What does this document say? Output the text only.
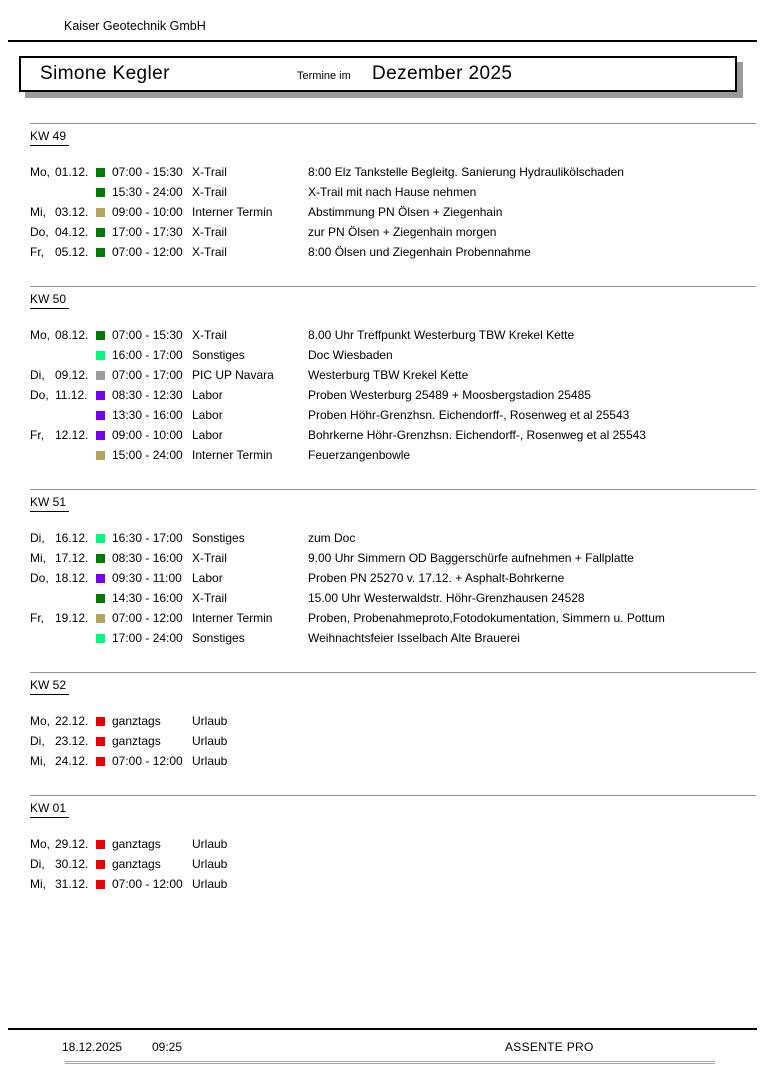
Kaiser Geotechnik GmbH
Simone Kegler	Termine im Dezember 2025
KW 49
Mo, 01.12.	07:00 - 15:30 X-Trail	8:00 Elz Tankstelle Begleitg. Sanierung Hydraulikölschaden
15:30 - 24:00 X-Trail	X-Trail mit nach Hause nehmen
Mi, 03.12.	09:00 - 10:00 Interner Termin	Abstimmung PN Ölsen + Ziegenhain
Do, 04.12.	17:00 - 17:30 X-Trail	zur PN Ölsen + Ziegenhain morgen
Fr, 05.12.	07:00 - 12:00 X-Trail	8:00 Ölsen und Ziegenhain Probennahme
KW 50
Mo, 08.12.	07:00 - 15:30 X-Trail	8.00 Uhr Treffpunkt Westerburg TBW Krekel Kette
16:00 - 17:00 Sonstiges	Doc Wiesbaden
Di, 09.12.	07:00 - 17:00 PIC UP Navara	Westerburg TBW Krekel Kette
Do, 11.12.	08:30 - 12:30 Labor	Proben Westerburg 25489 + Moosbergstadion 25485
13:30 - 16:00 Labor	Proben Höhr-Grenzhsn. Eichendorff-, Rosenweg et al 25543
Fr, 12.12.	09:00 - 10:00 Labor	Bohrkerne Höhr-Grenzhsn. Eichendorff-, Rosenweg et al 25543
15:00 - 24:00 Interner Termin	Feuerzangenbowle
KW 51
Di, 16.12.	16:30 - 17:00 Sonstiges	zum Doc
Mi, 17.12.	08:30 - 16:00 X-Trail	9.00 Uhr Simmern OD Baggerschürfe aufnehmen + Fallplatte
Do, 18.12.	09:30 - 11:00 Labor	Proben PN 25270 v. 17.12. + Asphalt-Bohrkerne
14:30 - 16:00 X-Trail	15.00 Uhr Westerwaldstr. Höhr-Grenzhausen 24528
Fr, 19.12.	07:00 - 12:00 Interner Termin	Proben, Probenahmeproto,Fotodokumentation, Simmern u. Pottum
17:00 - 24:00 Sonstiges	Weihnachtsfeier Isselbach Alte Brauerei
KW 52
Mo, 22.12.	ganztags	Urlaub
Di, 23.12.	ganztags	Urlaub
Mi, 24.12.	07:00 - 12:00 Urlaub
KW 01
Mo, 29.12.	ganztags	Urlaub
Di, 30.12.	ganztags	Urlaub
Mi, 31.12.	07:00 - 12:00 Urlaub
18.12.2025 09:25	ASSENTE PRO
